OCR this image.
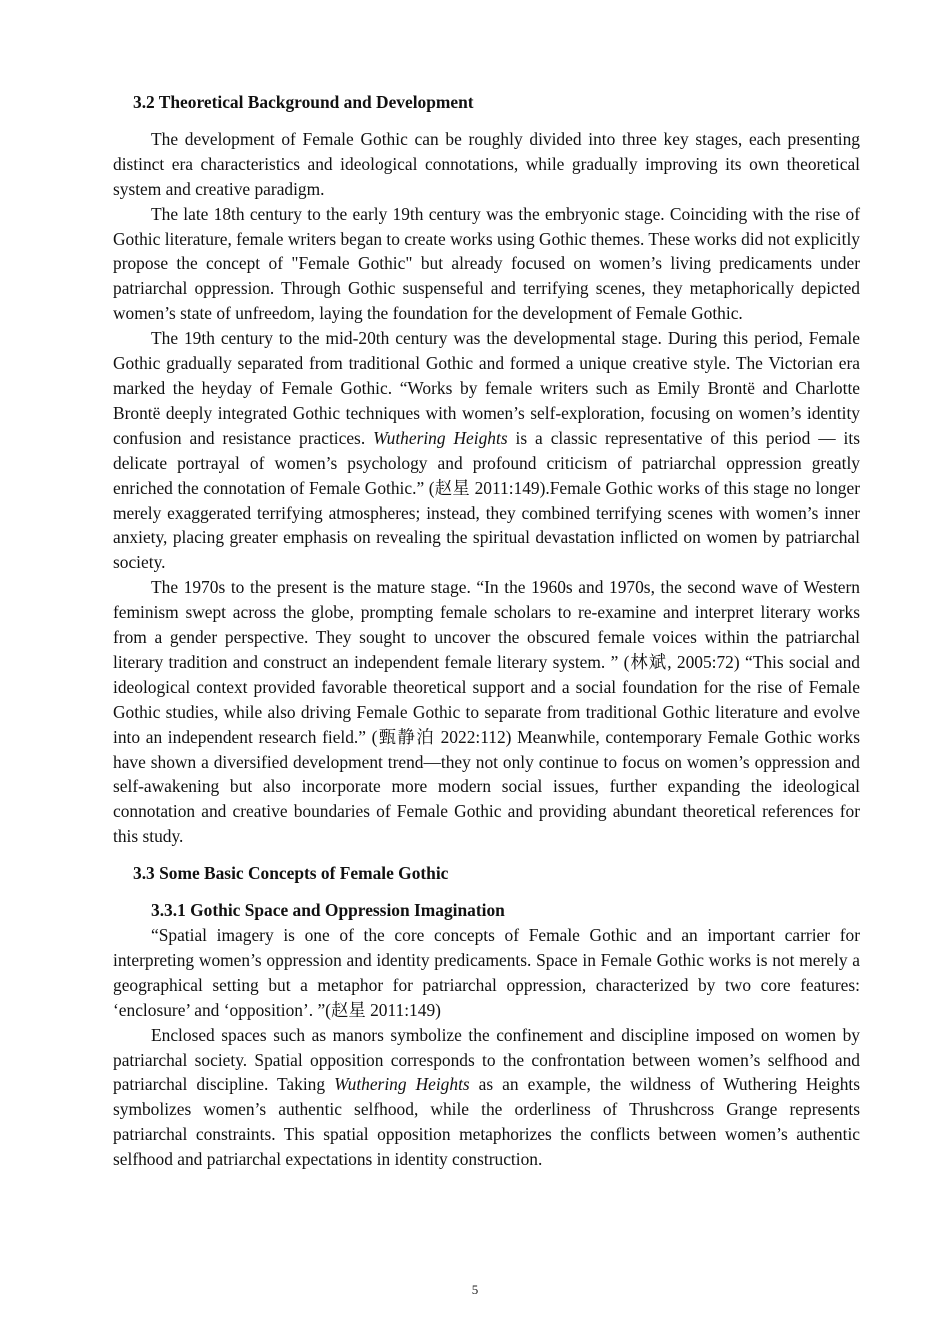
3.2 Theoretical Background and Development

The development of Female Gothic can be roughly divided into three key stages, each presenting distinct era characteristics and ideological connotations, while gradually improving its own theoretical system and creative paradigm.

The late 18th century to the early 19th century was the embryonic stage. Coinciding with the rise of Gothic literature, female writers began to create works using Gothic themes. These works did not explicitly propose the concept of "Female Gothic" but already focused on women’s living predicaments under patriarchal oppression. Through Gothic suspenseful and terrifying scenes, they metaphorically depicted women’s state of unfreedom, laying the foundation for the development of Female Gothic.

The 19th century to the mid-20th century was the developmental stage. During this period, Female Gothic gradually separated from traditional Gothic and formed a unique creative style. The Victorian era marked the heyday of Female Gothic. “Works by female writers such as Emily Brontë and Charlotte Brontë deeply integrated Gothic techniques with women’s self-exploration, focusing on women’s identity confusion and resistance practices. Wuthering Heights is a classic representative of this period — its delicate portrayal of women’s psychology and profound criticism of patriarchal oppression greatly enriched the connotation of Female Gothic.” (赵星 2011:149).Female Gothic works of this stage no longer merely exaggerated terrifying atmospheres; instead, they combined terrifying scenes with women’s inner anxiety, placing greater emphasis on revealing the spiritual devastation inflicted on women by patriarchal society.

The 1970s to the present is the mature stage. “In the 1960s and 1970s, the second wave of Western feminism swept across the globe, prompting female scholars to re-examine and interpret literary works from a gender perspective. They sought to uncover the obscured female voices within the patriarchal literary tradition and construct an independent female literary system. ” (林斌, 2005:72) “This social and ideological context provided favorable theoretical support and a social foundation for the rise of Female Gothic studies, while also driving Female Gothic to separate from traditional Gothic literature and evolve into an independent research field.” (甄静泊 2022:112) Meanwhile, contemporary Female Gothic works have shown a diversified development trend—they not only continue to focus on women’s oppression and self-awakening but also incorporate more modern social issues, further expanding the ideological connotation and creative boundaries of Female Gothic and providing abundant theoretical references for this study.

3.3 Some Basic Concepts of Female Gothic
3.3.1 Gothic Space and Oppression Imagination

“Spatial imagery is one of the core concepts of Female Gothic and an important carrier for interpreting women’s oppression and identity predicaments. Space in Female Gothic works is not merely a geographical setting but a metaphor for patriarchal oppression, characterized by two core features: ‘enclosure’ and ‘opposition’. ”(赵星 2011:149)

Enclosed spaces such as manors symbolize the confinement and discipline imposed on women by patriarchal society. Spatial opposition corresponds to the confrontation between women’s selfhood and patriarchal discipline. Taking Wuthering Heights as an example, the wildness of Wuthering Heights symbolizes women’s authentic selfhood, while the orderliness of Thrushcross Grange represents patriarchal constraints. This spatial opposition metaphorizes the conflicts between women’s authentic selfhood and patriarchal expectations in identity construction.

5
